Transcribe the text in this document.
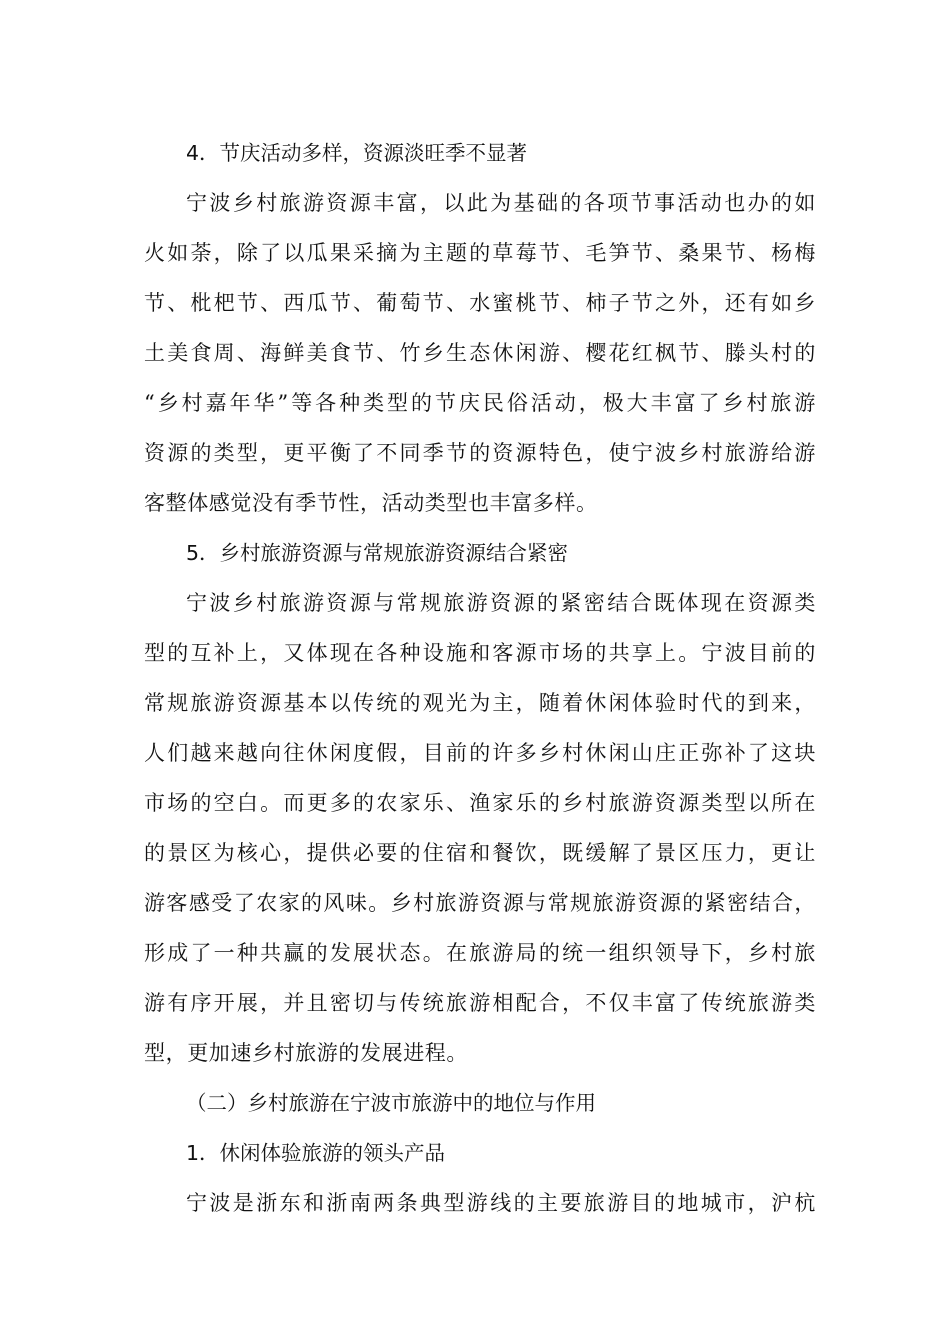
4．节庆活动多样，资源淡旺季不显著
宁波乡村旅游资源丰富，以此为基础的各项节事活动也办的如
火如荼，除了以瓜果采摘为主题的草莓节、毛笋节、桑果节、杨梅
节、枇杷节、西瓜节、葡萄节、水蜜桃节、柿子节之外，还有如乡
土美食周、海鲜美食节、竹乡生态休闲游、樱花红枫节、滕头村的
“乡村嘉年华”等各种类型的节庆民俗活动，极大丰富了乡村旅游
资源的类型，更平衡了不同季节的资源特色，使宁波乡村旅游给游
客整体感觉没有季节性，活动类型也丰富多样。
5．乡村旅游资源与常规旅游资源结合紧密
宁波乡村旅游资源与常规旅游资源的紧密结合既体现在资源类
型的互补上，又体现在各种设施和客源市场的共享上。宁波目前的
常规旅游资源基本以传统的观光为主，随着休闲体验时代的到来，
人们越来越向往休闲度假，目前的许多乡村休闲山庄正弥补了这块
市场的空白。而更多的农家乐、渔家乐的乡村旅游资源类型以所在
的景区为核心，提供必要的住宿和餐饮，既缓解了景区压力，更让
游客感受了农家的风味。乡村旅游资源与常规旅游资源的紧密结合，
形成了一种共赢的发展状态。在旅游局的统一组织领导下，乡村旅
游有序开展，并且密切与传统旅游相配合，不仅丰富了传统旅游类
型，更加速乡村旅游的发展进程。
（二）乡村旅游在宁波市旅游中的地位与作用
1．休闲体验旅游的领头产品
宁波是浙东和浙南两条典型游线的主要旅游目的地城市，沪杭
